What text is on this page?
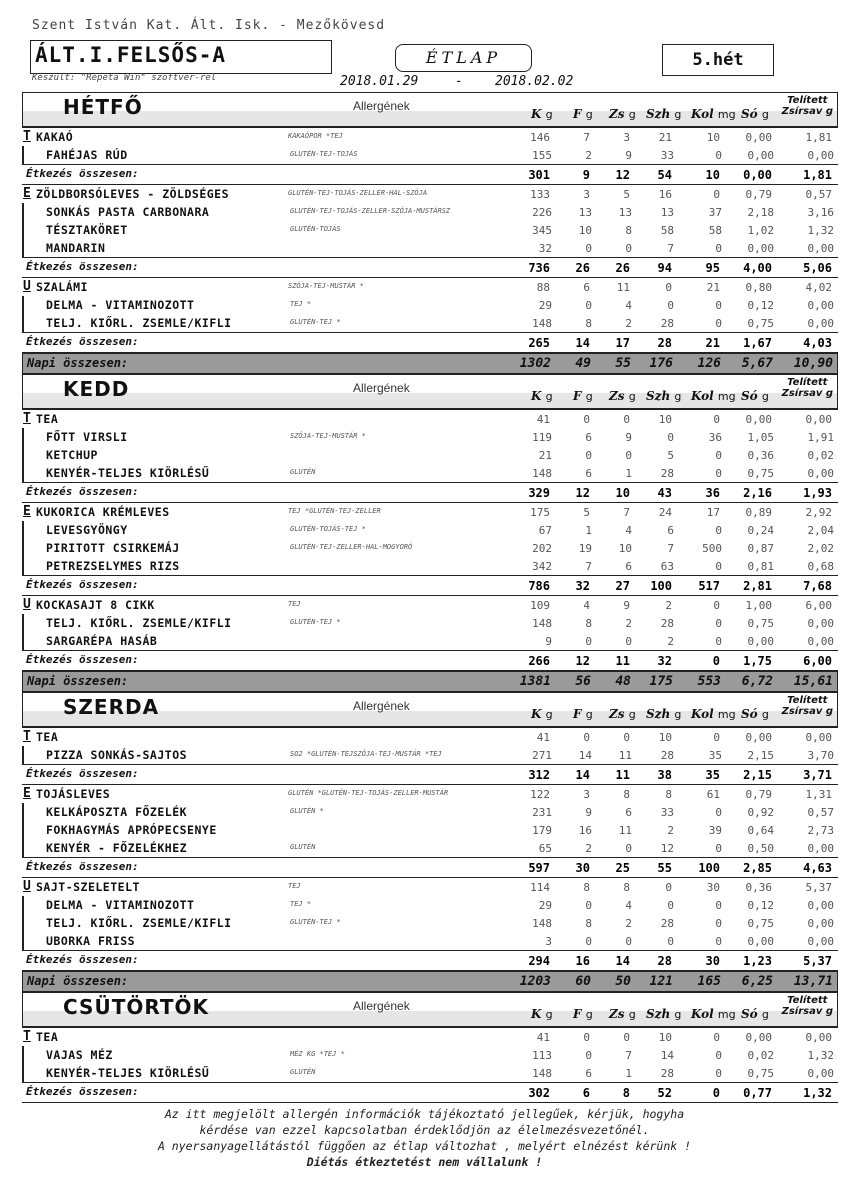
Szent István Kat. Ált. Isk. - Mezőkövesd
ÁLT.I.FELSŐS-A
Készült: "Repeta Win" szoftver-rel
ÉTLAP
2018.01.29	- 2018.02.02
5.hét
HÉTFŐ	Allergének
K g F g Zs g Szh g Kol mg Só g
Telített
Zsírsav g
T KAKAÓ	KAKAÓPOR *TEJ	146	7	3	21	10	0,00	1,81
FAHÉJAS RÚD	GLUTÉN-TEJ-TOJÁS	155	2	9	33	0	0,00	0,00
Étkezés összesen:	301	9	12	54	10	0,00	1,81
E ZÖLDBORSÓLEVES - ZÖLDSÉGES	GLUTÉN-TEJ-TOJÁS-ZELLER-HAL-SZÓJA	133	3	5	16	0	0,79	0,57
SONKÁS PASTA CARBONARA	GLUTÉN-TEJ-TOJÁS-ZELLER-SZÓJA-MUSTÁRSZ	226	13	13	13	37	2,18	3,16
TÉSZTAKÖRET	GLUTÉN-TOJÁS	345	10	8	58	58	1,02	1,32
MANDARIN	32	0	0	7	0	0,00	0,00
Étkezés összesen:	736	26	26	94	95	4,00	5,06
U SZALÁMI	SZÓJA-TEJ-MUSTÁR *	88	6	11	0	21	0,80	4,02
DELMA - VITAMINOZOTT	TEJ *	29	0	4	0	0	0,12	0,00
TELJ. KIŐRL. ZSEMLE/KIFLI	GLUTÉN-TEJ *	148	8	2	28	0	0,75	0,00
Étkezés összesen:	265	14	17	28	21	1,67	4,03
Napi összesen:	1302	49	55	176	126	5,67 10,90
KEDD	Allergének
K g F g Zs g Szh g Kol mg Só g
Telített
Zsírsav g
T TEA	41	0	0	10	0	0,00	0,00
FŐTT VIRSLI	SZÓJA-TEJ-MUSTÁR *	119	6	9	0	36	1,05	1,91
KETCHUP	21	0	0	5	0	0,36	0,02
KENYÉR-TELJES KIÖRLÉSŰ	GLUTÉN	148	6	1	28	0	0,75	0,00
Étkezés összesen:	329	12	10	43	36	2,16	1,93
E KUKORICA KRÉMLEVES	TEJ *GLUTÉN-TEJ-ZELLER	175	5	7	24	17	0,89	2,92
LEVESGYÖNGY	GLUTÉN-TOJÁS-TEJ *	67	1	4	6	0	0,24	2,04
PIRITOTT CSIRKEMÁJ	GLUTÉN-TEJ-ZELLER-HAL-MOGYORÓ	202	19	10	7	500	0,87	2,02
PETREZSELYMES RIZS	342	7	6	63	0	0,81	0,68
Étkezés összesen:	786	32	27	100	517	2,81	7,68
U KOCKASAJT 8 CIKK	TEJ	109	4	9	2	0	1,00	6,00
TELJ. KIŐRL. ZSEMLE/KIFLI	GLUTÉN-TEJ *	148	8	2	28	0	0,75	0,00
SARGARÉPA HASÁB	9	0	0	2	0	0,00	0,00
Étkezés összesen:	266	12	11	32	0	1,75	6,00
Napi összesen:	1381	56	48	175	553	6,72 15,61
SZERDA	Allergének
K g F g Zs g Szh g Kol mg Só g
Telített
Zsírsav g
T TEA	41	0	0	10	0	0,00	0,00
PIZZA SONKÁS-SAJTOS	SO2 *GLUTÉN-TEJSZÓJA-TEJ-MUSTÁR *TEJ	271	14	11	28	35	2,15	3,70
Étkezés összesen:	312	14	11	38	35	2,15	3,71
E TOJÁSLEVES	GLUTÉN *GLUTÉN-TEJ-TOJÁS-ZELLER-MUSTÁR	122	3	8	8	61	0,79	1,31
KELKÁPOSZTA FŐZELÉK	GLUTÉN *	231	9	6	33	0	0,92	0,57
FOKHAGYMÁS APRÓPECSENYE	179	16	11	2	39	0,64	2,73
KENYÉR - FŐZELÉKHEZ	GLUTÉN	65	2	0	12	0	0,50	0,00
Étkezés összesen:	597	30	25	55	100	2,85	4,63
U SAJT-SZELETELT	TEJ	114	8	8	0	30	0,36	5,37
DELMA - VITAMINOZOTT	TEJ *	29	0	4	0	0	0,12	0,00
TELJ. KIŐRL. ZSEMLE/KIFLI	GLUTÉN-TEJ *	148	8	2	28	0	0,75	0,00
UBORKA FRISS	3	0	0	0	0	0,00	0,00
Étkezés összesen:	294	16	14	28	30	1,23	5,37
Napi összesen:	1203	60	50	121	165	6,25 13,71
CSÜTÖRTÖK	Allergének
K g F g Zs g Szh g Kol mg Só g
Telített
Zsírsav g
T TEA	41	0	0	10	0	0,00	0,00
VAJAS MÉZ	MÉZ KG *TEJ *	113	0	7	14	0	0,02	1,32
KENYÉR-TELJES KIÖRLÉSŰ	GLUTÉN	148	6	1	28	0	0,75	0,00
Étkezés összesen:	302	6	8	52	0	0,77	1,32
Az itt megjelölt allergén információk tájékoztató jellegűek, kérjük, hogyha
kérdése van ezzel kapcsolatban érdeklődjön az élelmezésvezetőnél.
A nyersanyagellátástól függően az étlap változhat , melyért elnézést kérünk !
Diétás étkeztetést nem vállalunk !
